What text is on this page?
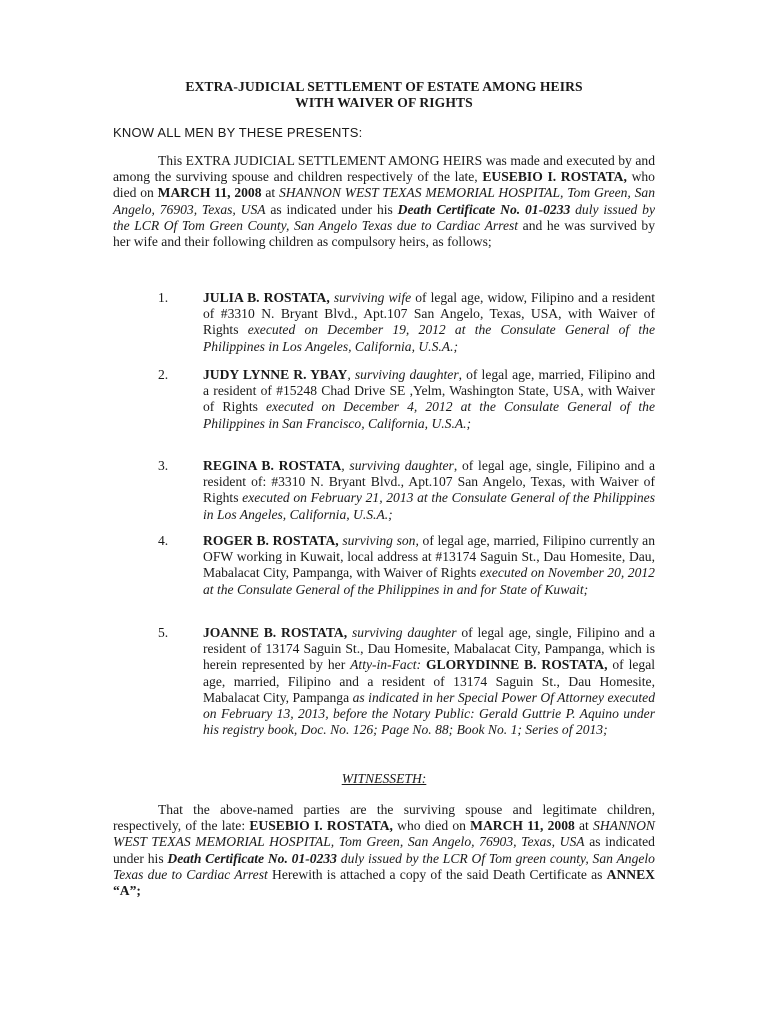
EXTRA-JUDICIAL SETTLEMENT OF ESTATE AMONG HEIRS
WITH WAIVER OF RIGHTS
KNOW ALL MEN BY THESE PRESENTS:
This EXTRA JUDICIAL SETTLEMENT AMONG HEIRS was made and executed by and among the surviving spouse and children respectively of the late, EUSEBIO I. ROSTATA, who died on MARCH 11, 2008 at SHANNON WEST TEXAS MEMORIAL HOSPITAL, Tom Green, San Angelo, 76903, Texas, USA as indicated under his Death Certificate No. 01-0233 duly issued by the LCR Of Tom Green County, San Angelo Texas due to Cardiac Arrest and he was survived by her wife and their following children as compulsory heirs, as follows;
1.	JULIA B. ROSTATA, surviving wife of legal age, widow, Filipino and a resident of #3310 N. Bryant Blvd., Apt.107 San Angelo, Texas, USA, with Waiver of Rights executed on December 19, 2012 at the Consulate General of the Philippines in Los Angeles, California, U.S.A.;
2.	JUDY LYNNE R. YBAY, surviving daughter, of legal age, married, Filipino and a resident of #15248 Chad Drive SE ,Yelm, Washington State, USA, with Waiver of Rights executed on December 4, 2012 at the Consulate General of the Philippines in San Francisco, California, U.S.A.;
3.	REGINA B. ROSTATA, surviving daughter, of legal age, single, Filipino and a resident of: #3310 N. Bryant Blvd., Apt.107 San Angelo, Texas, with Waiver of Rights executed on February 21, 2013 at the Consulate General of the Philippines in Los Angeles, California, U.S.A.;
4.	ROGER B. ROSTATA, surviving son, of legal age, married, Filipino currently an OFW working in Kuwait, local address at #13174 Saguin St., Dau Homesite, Dau, Mabalacat City, Pampanga, with Waiver of Rights executed on November 20, 2012 at the Consulate General of the Philippines in and for State of Kuwait;
5.	JOANNE B. ROSTATA, surviving daughter of legal age, single, Filipino and a resident of 13174 Saguin St., Dau Homesite, Mabalacat City, Pampanga, which is herein represented by her Atty-in-Fact: GLORYDINNE B. ROSTATA, of legal age, married, Filipino and a resident of 13174 Saguin St., Dau Homesite, Mabalacat City, Pampanga as indicated in her Special Power Of Attorney executed on February 13, 2013, before the Notary Public: Gerald Guttrie P. Aquino under his registry book, Doc. No. 126; Page No. 88; Book No. 1; Series of 2013;
WITNESSETH:
That the above-named parties are the surviving spouse and legitimate children, respectively, of the late: EUSEBIO I. ROSTATA, who died on MARCH 11, 2008 at SHANNON WEST TEXAS MEMORIAL HOSPITAL, Tom Green, San Angelo, 76903, Texas, USA as indicated under his Death Certificate No. 01-0233 duly issued by the LCR Of Tom green county, San Angelo Texas due to Cardiac Arrest Herewith is attached a copy of the said Death Certificate as ANNEX “A”;
